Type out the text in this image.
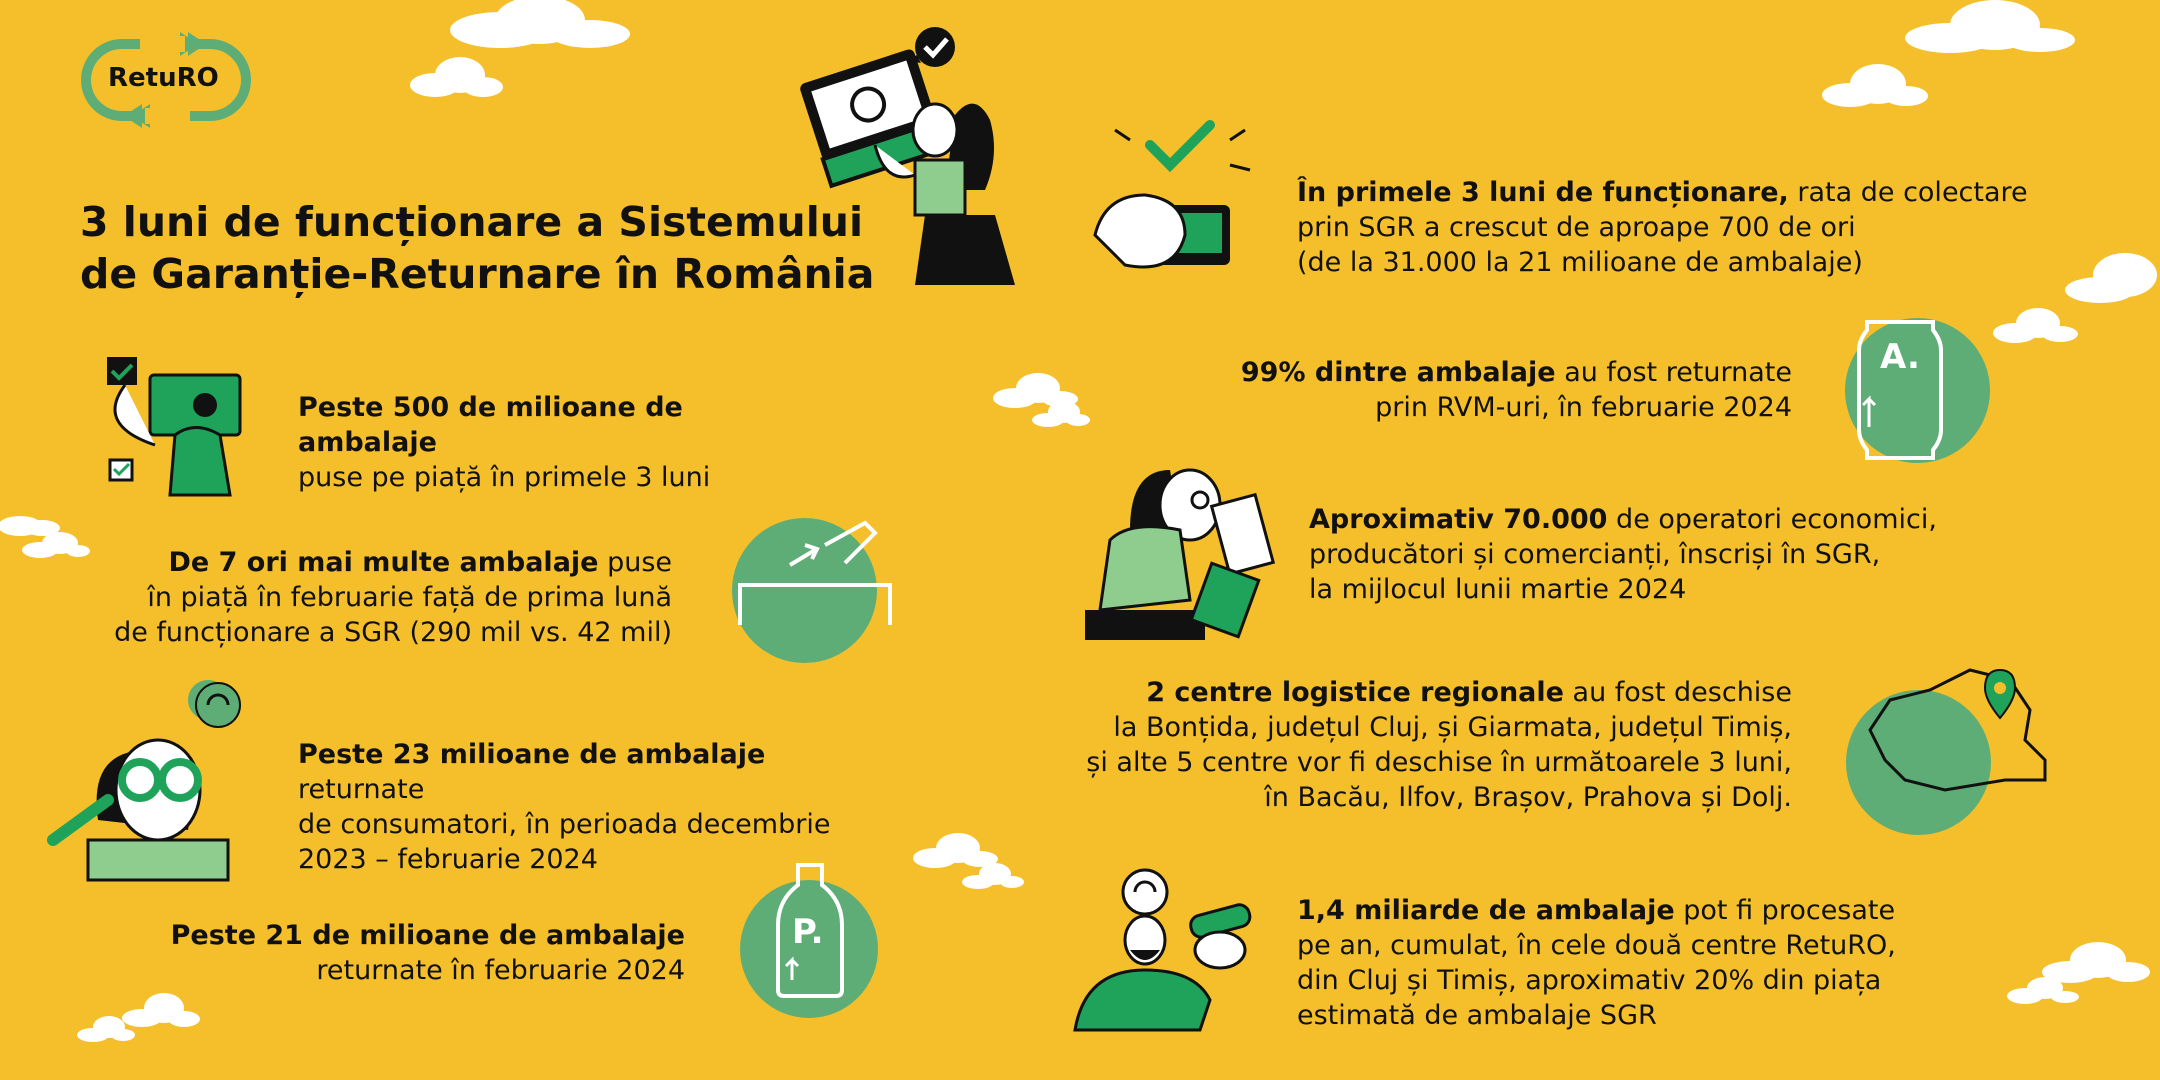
RetuRO
3 luni de funcționare a Sistemului
de Garanție-Returnare în România
P.
A.
Peste 500 de milioane de ambalaje
puse pe piață în primele 3 luni
De 7 ori mai multe ambalaje puse
în piață în februarie față de prima lună
de funcționare a SGR (290 mil vs. 42 mil)
Peste 23 milioane de ambalaje returnate
de consumatori, în perioada decembrie
2023 – februarie 2024
Peste 21 de milioane de ambalaje
returnate în februarie 2024
În primele 3 luni de funcționare, rata de colectare
prin SGR a crescut de aproape 700 de ori
(de la 31.000 la 21 milioane de ambalaje)
99% dintre ambalaje au fost returnate
prin RVM-uri, în februarie 2024
Aproximativ 70.000 de operatori economici,
producători și comercianți, înscriși în SGR,
la mijlocul lunii martie 2024
2 centre logistice regionale au fost deschise
la Bonțida, județul Cluj, și Giarmata, județul Timiș,
și alte 5 centre vor fi deschise în următoarele 3 luni,
în Bacău, Ilfov, Brașov, Prahova și Dolj.
1,4 miliarde de ambalaje pot fi procesate
pe an, cumulat, în cele două centre RetuRO,
din Cluj și Timiș, aproximativ 20% din piața
estimată de ambalaje SGR
